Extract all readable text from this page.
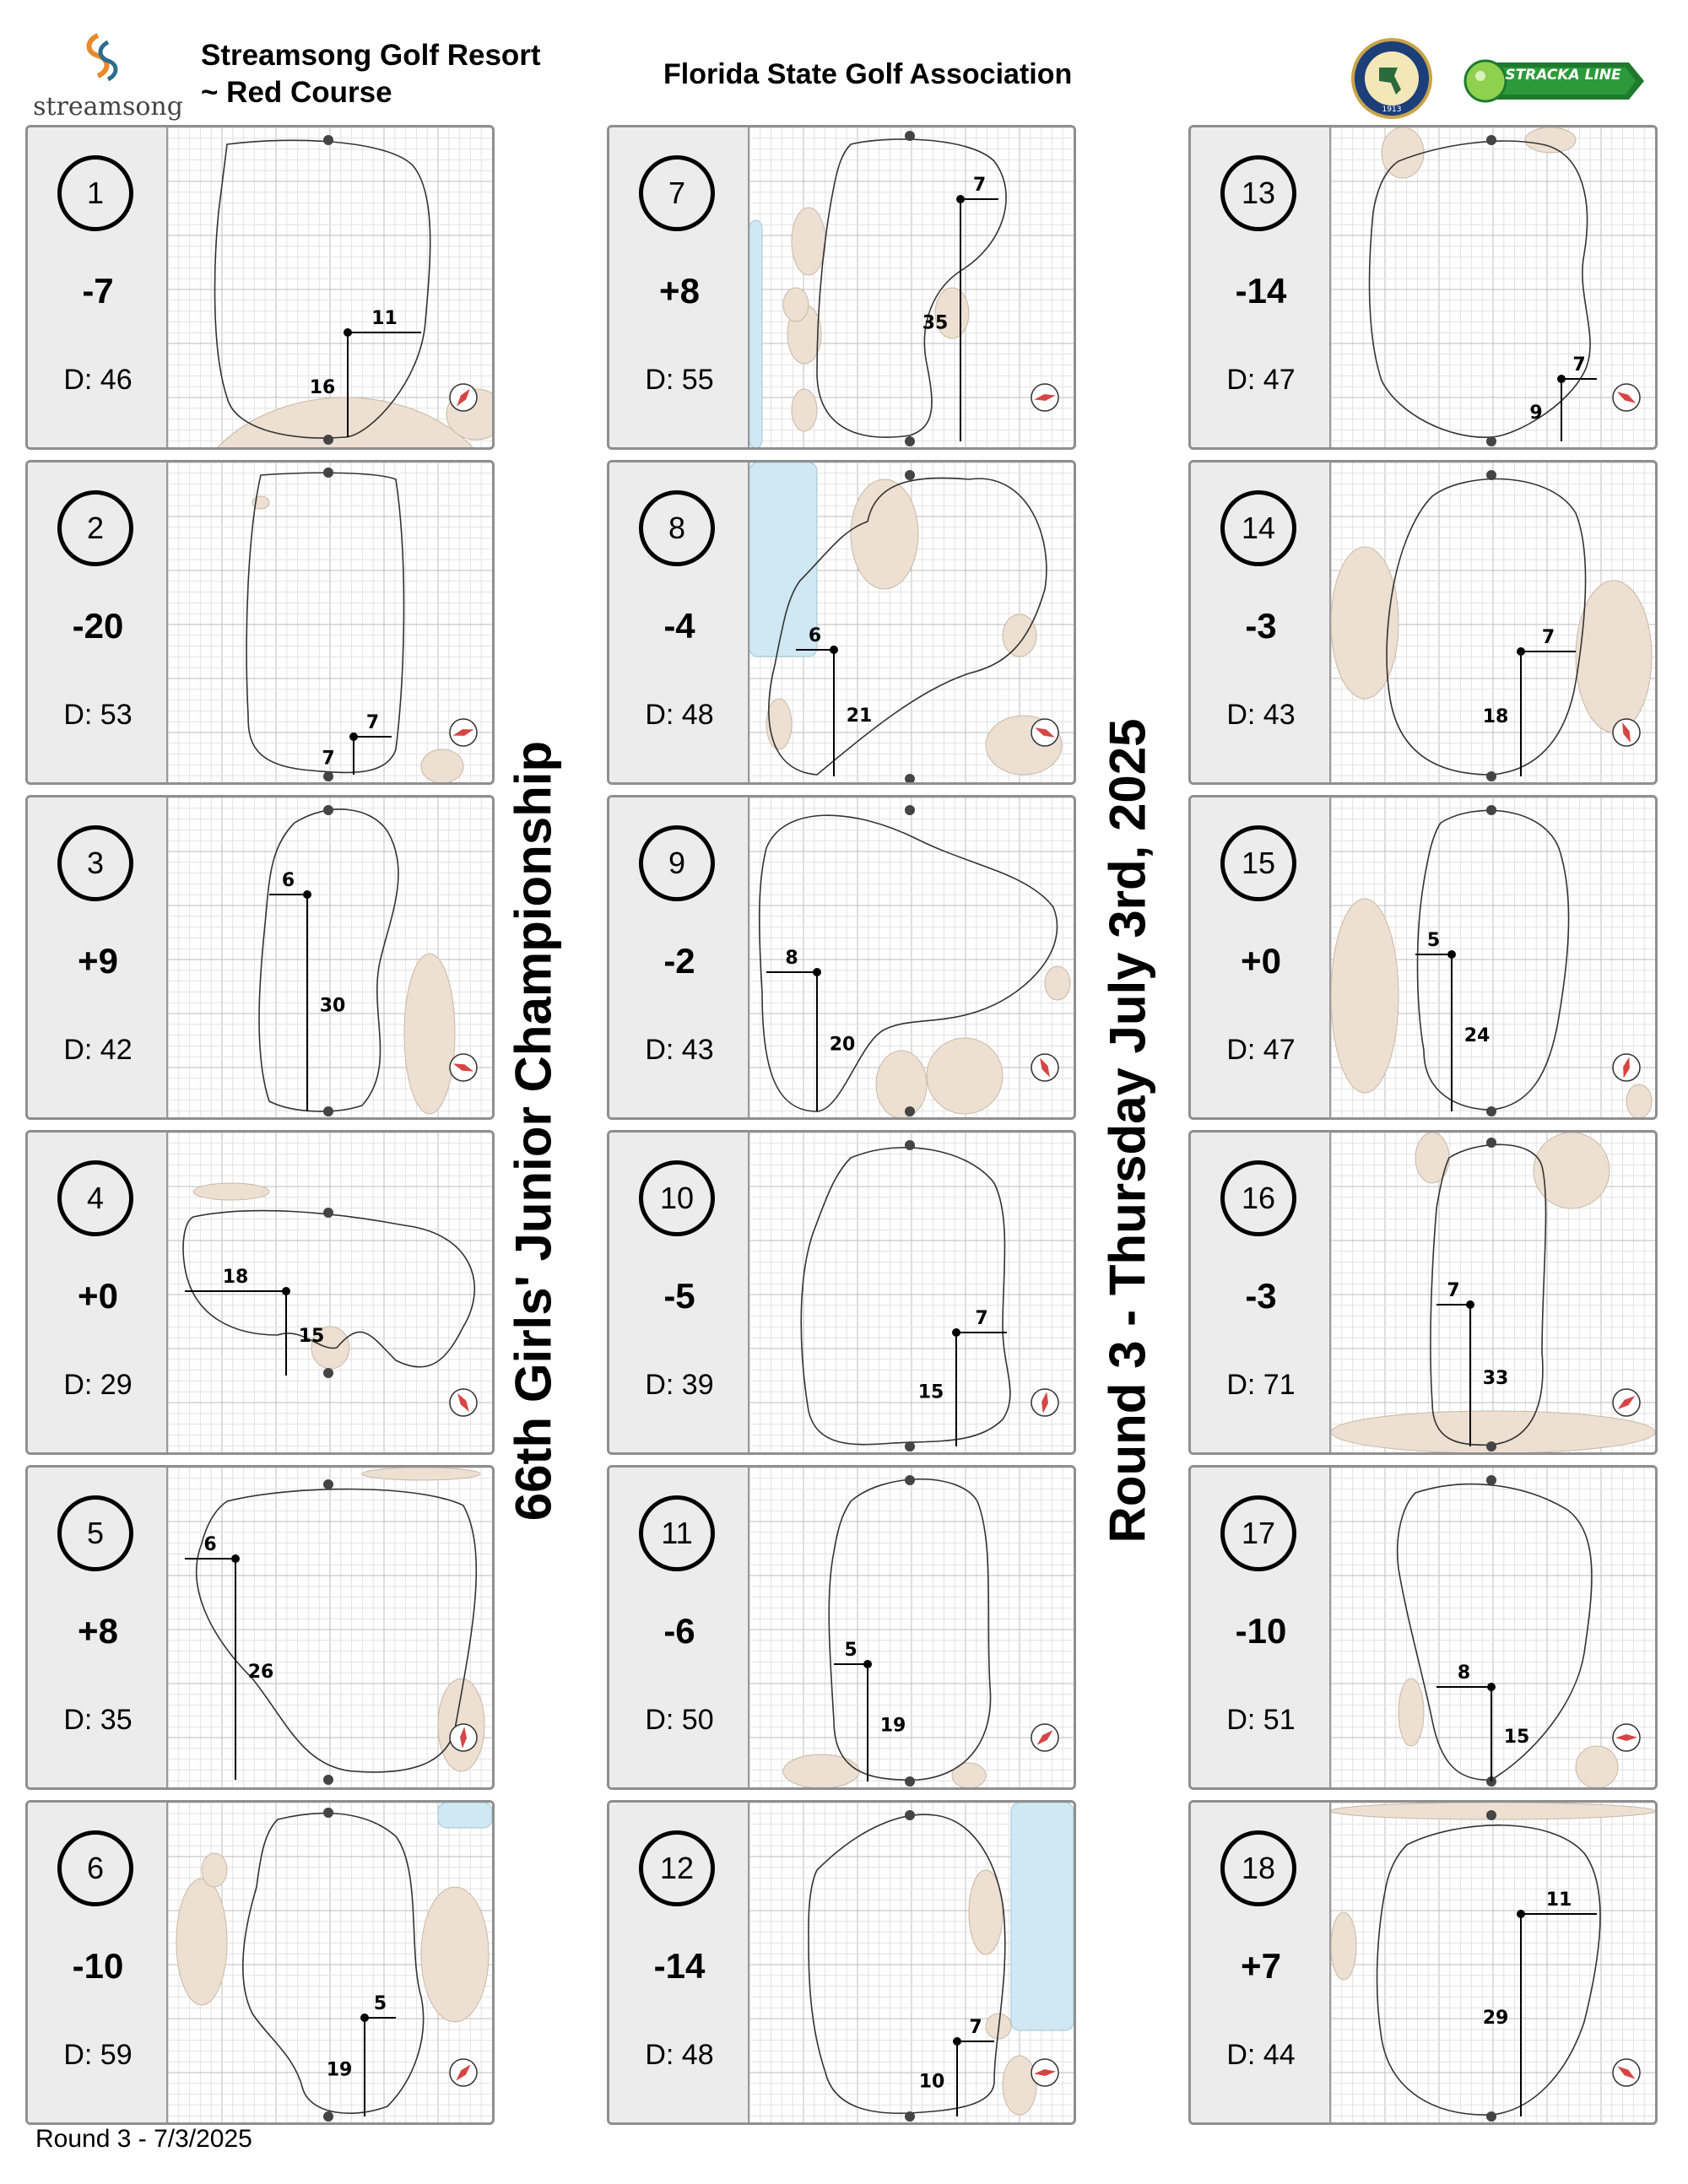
streamsong
Streamsong Golf Resort
~ Red Course
Florida State Golf Association
1913
STRACKA LINE
66th Girls' Junior Championship	Round 3 - Thursday July 3rd, 2025
Round 3 - 7/3/2025
1
-7
D: 46
11
16
2
-20
D: 53	7
7
3
+9
D: 42
6
30
4
+0
D: 29
18
15
5
+8
D: 35
6
26
6
-10
D: 59
5
19
7
+8
D: 55
7
35
8
-4
D: 48
6
21
9
-2
D: 43
8
20
10
-5
D: 39
7
15
11
-6
D: 50
5
19
12
-14
D: 48
7
10
13
-14
D: 47	7
9
14
-3
D: 43
7
18
15
+0
D: 47
5
24
16
-3
D: 71
7
33
17
-10
D: 51
8
15
18
+7
D: 44
11
29
